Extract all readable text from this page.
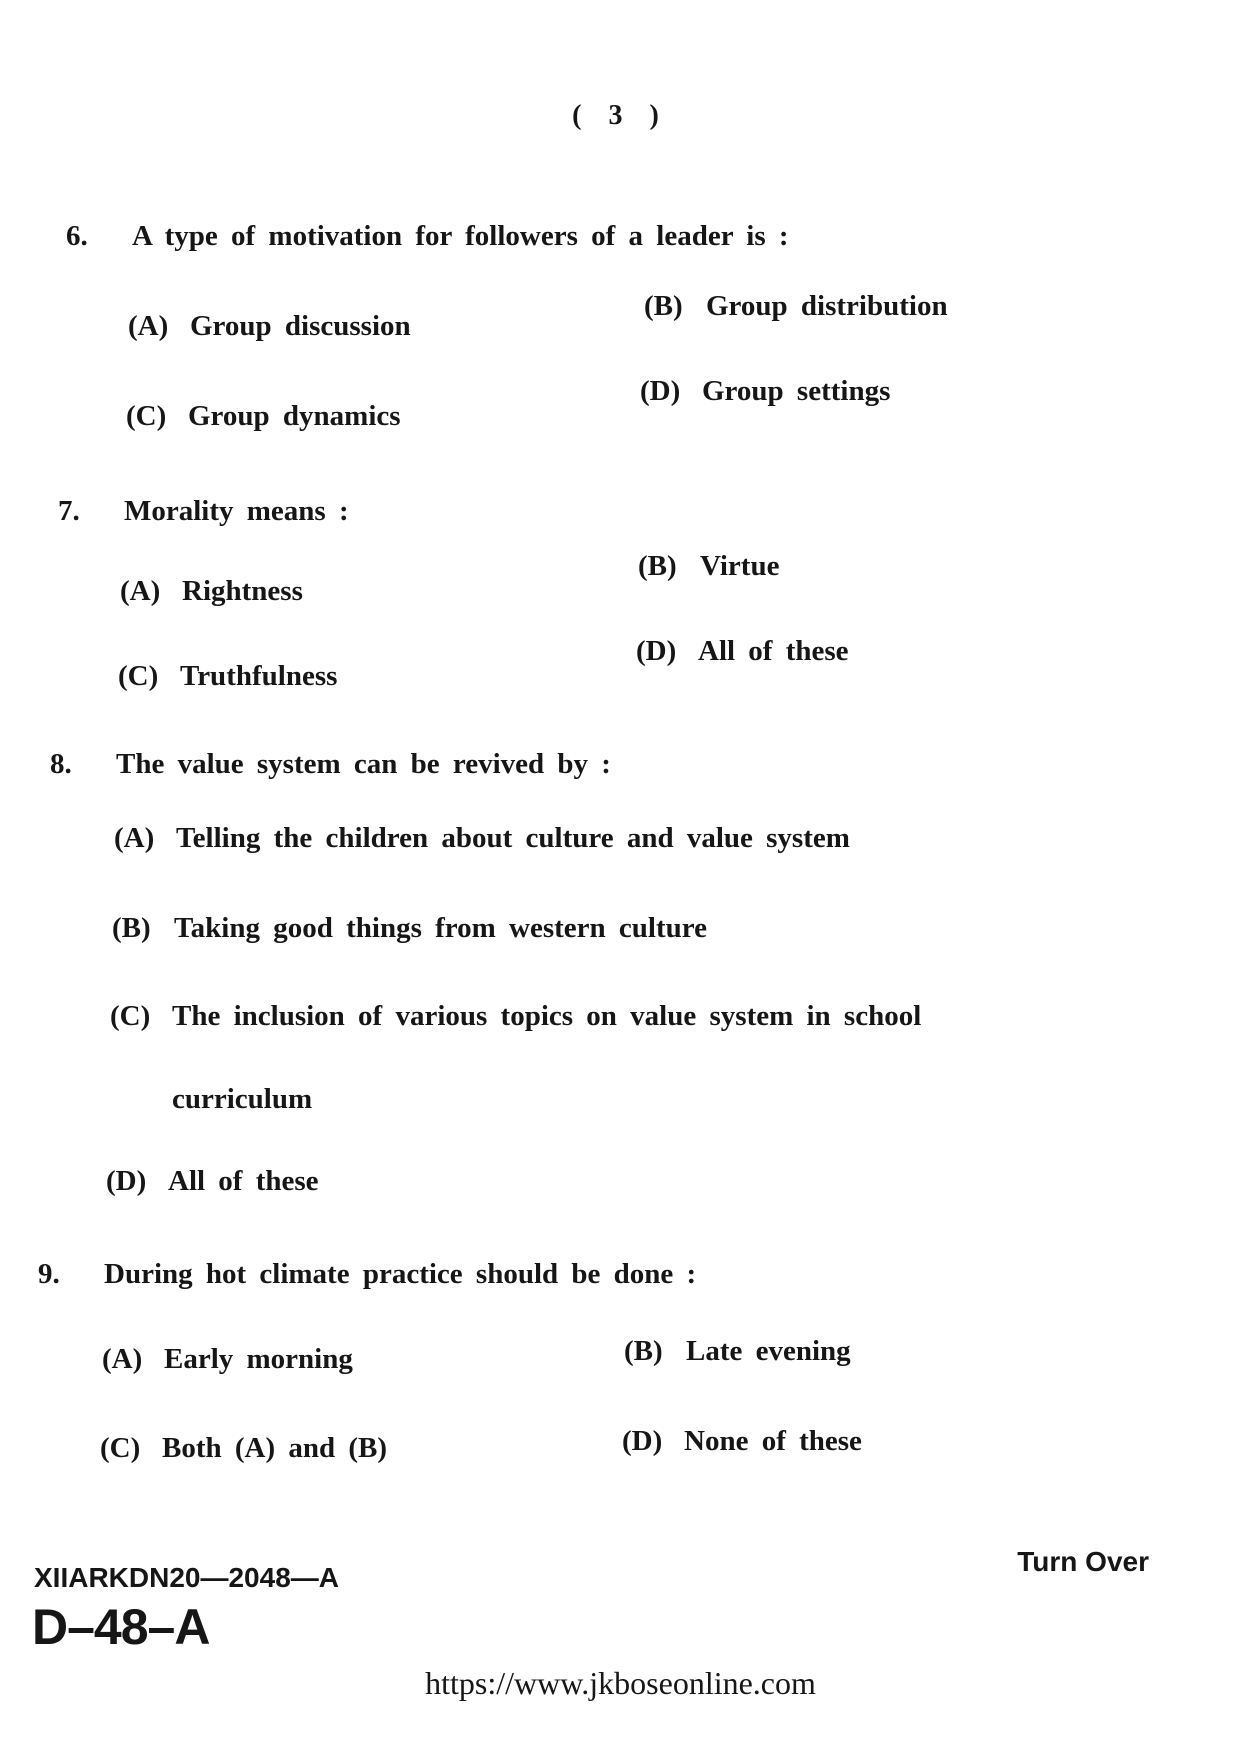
( 3 )
6. A type of motivation for followers of a leader is :
(A) Group discussion
(B) Group distribution
(C) Group dynamics
(D) Group settings
7. Morality means :
(A) Rightness
(B) Virtue
(C) Truthfulness
(D) All of these
8. The value system can be revived by :
(A) Telling the children about culture and value system
(B) Taking good things from western culture
(C) The inclusion of various topics on value system in school
curriculum
(D) All of these
9. During hot climate practice should be done :
(A) Early morning	(B) Late evening
(C) Both (A) and (B)	(D) None of these
XIIARKDN20—2048—A
D–48–A
Turn Over
https://www.jkboseonline.com
